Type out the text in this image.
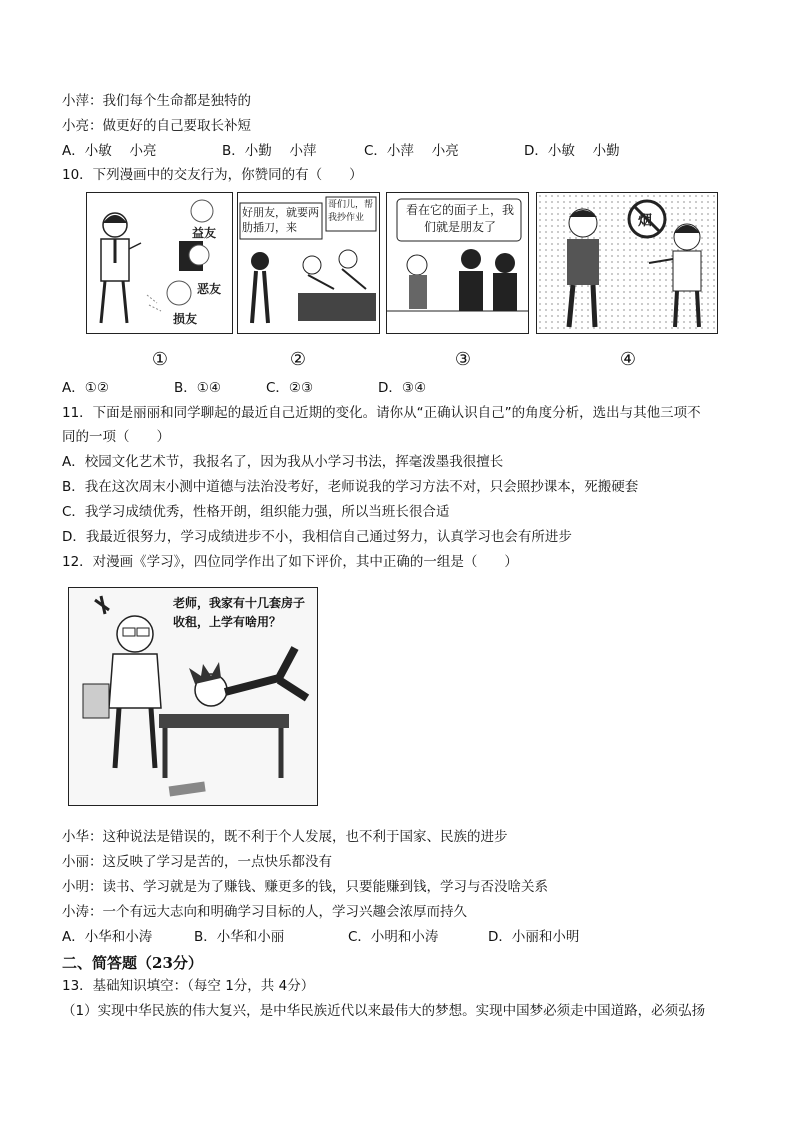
小萍：我们每个生命都是独特的
小亮：做更好的自己要取长补短
A．小敏　 小亮	B．小勤　 小萍	C．小萍　 小亮	D．小敏　 小勤
10．下列漫画中的交友行为，你赞同的有（　　）
益友
恶友
损友
好朋友，就要两肋插刀，来
哥们儿，帮我抄作业
看在它的面子上，我们就是朋友了	烟
①	②	③	④
A．①②	B．①④	C．②③	D．③④
11．下面是丽丽和同学聊起的最近自己近期的变化。请你从“正确认识自己”的角度分析，选出与其他三项不
同的一项（　　）
A．校园文化艺术节，我报名了，因为我从小学习书法，挥毫泼墨我很擅长
B．我在这次周末小测中道德与法治没考好，老师说我的学习方法不对，只会照抄课本，死搬硬套
C．我学习成绩优秀，性格开朗，组织能力强，所以当班长很合适
D．我最近很努力，学习成绩进步不小，我相信自己通过努力，认真学习也会有所进步
12．对漫画《学习》，四位同学作出了如下评价，其中正确的一组是（　　）
老师，我家有十几套房子收租，上学有啥用？
小华：这种说法是错误的，既不利于个人发展，也不利于国家、民族的进步
小丽：这反映了学习是苦的，一点快乐都没有
小明：读书、学习就是为了赚钱、赚更多的钱，只要能赚到钱，学习与否没啥关系
小涛：一个有远大志向和明确学习目标的人，学习兴趣会浓厚而持久
A．小华和小涛	B．小华和小丽	C．小明和小涛	D．小丽和小明
二、简答题（23分）
13．基础知识填空：（每空 1分，共 4分）
（1）实现中华民族的伟大复兴，是中华民族近代以来最伟大的梦想。实现中国梦必须走中国道路，必须弘扬
